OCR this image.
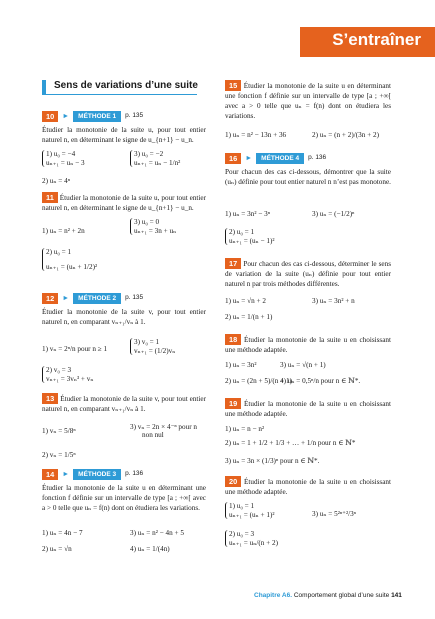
S’entraîner
Sens de variations d’une suite
10	►	MÉTHODE 1	p. 135
Étudier la monotonie de la suite u, pour tout entier naturel n, en déterminant le signe de u_{n+1} − u_n.
1) u₀ = −4
uₙ₊₁ = uₙ − 3
3) u₀ = −2
uₙ₊₁ = uₙ − 1/n²
2) uₙ = 4ⁿ
11 Étudier la monotonie de la suite u, pour tout entier naturel n, en déterminant le signe de u_{n+1} − u_n.
1) uₙ = n² + 2n
3) u₀ = 0
uₙ₊₁ = 3n + uₙ
2) u₀ = 1
uₙ₊₁ = (uₙ + 1/2)²
12	►	MÉTHODE 2	p. 135
Étudier la monotonie de la suite v, pour tout entier naturel n, en comparant vₙ₊₁/vₙ à 1.
1) vₙ = 2ⁿ/n pour n ≥ 1
3) v₀ = 1
vₙ₊₁ = (1/2)vₙ
2) v₀ = 3
vₙ₊₁ = 3vₙ³ + vₙ
13 Étudier la monotonie de la suite v, pour tout entier naturel n, en comparant vₙ₊₁/vₙ à 1.
1) vₙ = 5/8ⁿ	3) vₙ = 2n × 4⁻ⁿ pour n
non nul
2) vₙ = 1/5ⁿ
14	►	MÉTHODE 3	p. 136
Étudier la monotonie de la suite u en déterminant une fonction f définie sur un intervalle de type [a ; +∞[ avec a > 0 telle que uₙ = f(n) dont on étudiera les variations.
1) uₙ = 4n − 7	3) uₙ = n² − 4n + 5
2) uₙ = √n	4) uₙ = 1/(4n)
15 Étudier la monotonie de la suite u en déterminant une fonction f définie sur un intervalle de type [a ; +∞[ avec a > 0 telle que uₙ = f(n) dont on étudiera les variations.
1) uₙ = n² − 13n + 36	2) uₙ = (n + 2)/(3n + 2)
16	►	MÉTHODE 4	p. 136
Pour chacun des cas ci-dessous, démontrer que la suite (uₙ) définie pour tout entier naturel n n’est pas monotone.
1) uₙ = 3n² − 3ⁿ	3) uₙ = (−1/2)ⁿ
2) u₀ = 1
uₙ₊₁ = (uₙ − 1)²
17 Pour chacun des cas ci-dessous, déterminer le sens de variation de la suite (uₙ) définie pour tout entier naturel n par trois méthodes différentes.
1) uₙ = √n + 2	3) uₙ = 3n² + n
2) uₙ = 1/(n + 1)
18 Étudier la monotonie de la suite u en choisissant une méthode adaptée.
1) uₙ = 3n²	3) uₙ = √(n + 1)
2) uₙ = (2n + 5)/(n + 1)
4) uₙ = 0,5ⁿ/n pour n ∈ ℕ*.
19 Étudier la monotonie de la suite u en choisissant une méthode adaptée.
1) uₙ = n − n²
2) uₙ = 1 + 1/2 + 1/3 + … + 1/n pour n ∈ ℕ*
3) uₙ = 3n × (1/3)ⁿ pour n ∈ ℕ*.
20 Étudier la monotonie de la suite u en choisissant une méthode adaptée.
1) u₀ = 1
uₙ₊₁ = (uₙ + 1)²	3) uₙ = 5²ⁿ⁺²/3ⁿ
2) u₀ = 3
uₙ₊₁ = uₙ/(n + 2)
Chapitre A6. Comportement global d’une suite 141
